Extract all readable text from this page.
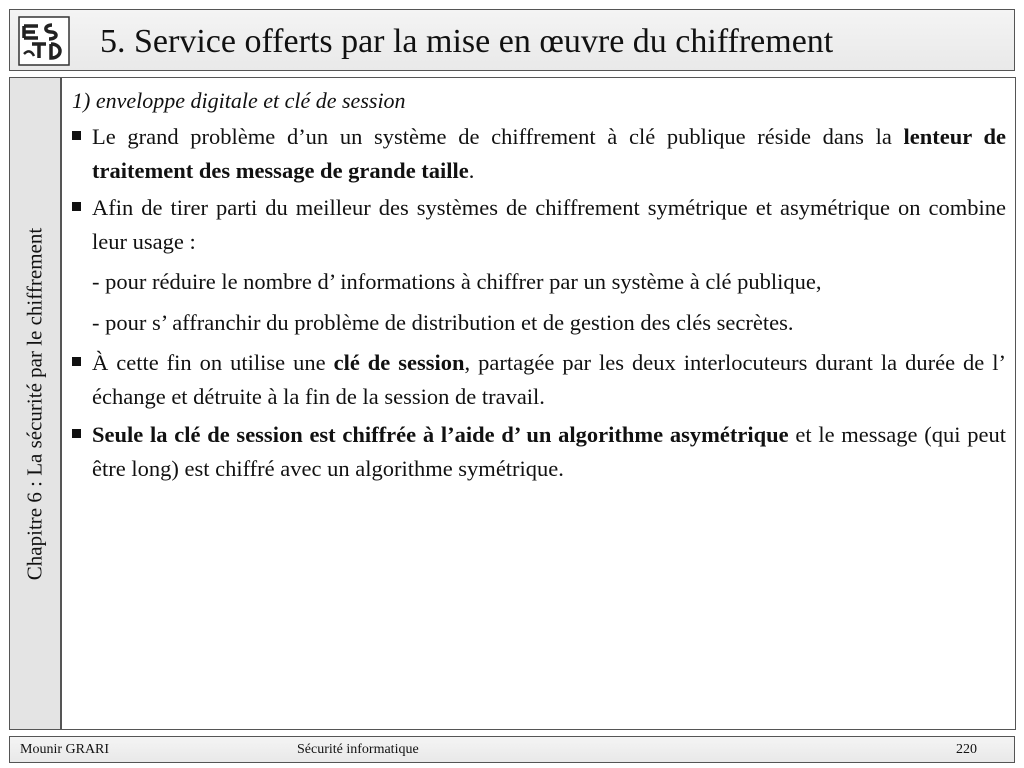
5. Service offerts par la mise en œuvre du chiffrement
Chapitre 6 : La sécurité par le chiffrement
1) enveloppe digitale et clé de session
Le grand problème d’un un système de chiffrement à clé publique réside dans la lenteur de traitement des message de grande taille.
Afin de tirer parti du meilleur des systèmes de chiffrement symétrique et asymétrique on combine leur usage :
- pour réduire le nombre d’ informations à chiffrer par un système à clé publique,
- pour s’ affranchir du problème de distribution et de gestion des clés secrètes.
À cette fin on utilise une clé de session, partagée par les deux interlocuteurs durant la durée de l’ échange et détruite à la fin de la session de travail.
Seule la clé de session est chiffrée à l’aide d’ un algorithme asymétrique et le message (qui peut être long) est chiffré avec un algorithme symétrique.
Mounir GRARI	Sécurité informatique	220
